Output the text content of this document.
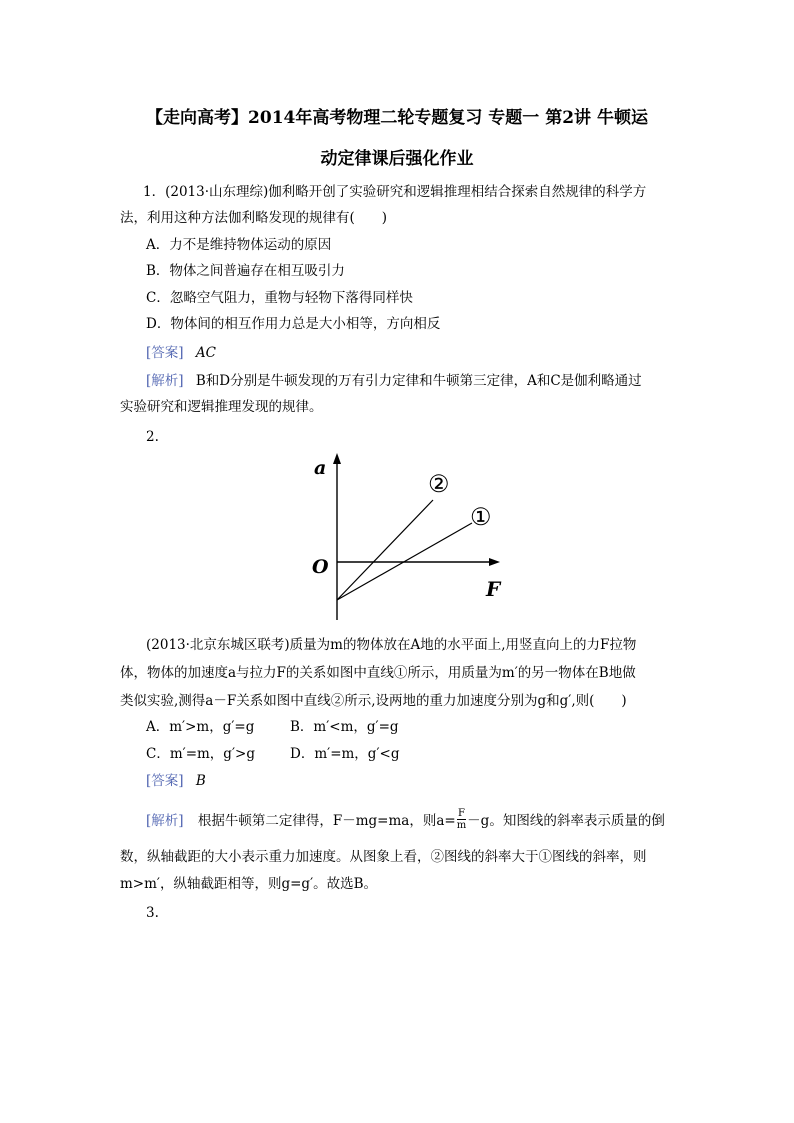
【走向高考】2014年高考物理二轮专题复习 专题一 第2讲 牛顿运
动定律课后强化作业
1．(2013·山东理综)伽利略开创了实验研究和逻辑推理相结合探索自然规律的科学方
法，利用这种方法伽利略发现的规律有(　　)
A．力不是维持物体运动的原因
B．物体之间普遍存在相互吸引力
C．忽略空气阻力，重物与轻物下落得同样快
D．物体间的相互作用力总是大小相等，方向相反
[答案] AC
[解析] B和D分别是牛顿发现的万有引力定律和牛顿第三定律，A和C是伽利略通过
实验研究和逻辑推理发现的规律。
2.
a
O
F
②
①
(2013·北京东城区联考)质量为m的物体放在A地的水平面上,用竖直向上的力F拉物
体，物体的加速度a与拉力F的关系如图中直线①所示，用质量为m′的另一物体在B地做
类似实验,测得a－F关系如图中直线②所示,设两地的重力加速度分别为g和g′,则(　　)
A．m′>m，g′=g	B．m′<m，g′=g
C．m′=m，g′>g	D．m′=m，g′<g
[答案] B
[解析] 根据牛顿第二定律得，F－mg=ma，则$a= \frac{F}{m} -g$。知图线的斜率表示质量的倒
数，纵轴截距的大小表示重力加速度。从图象上看，②图线的斜率大于①图线的斜率，则
m>m′，纵轴截距相等，则g=g′。故选B。
3.
